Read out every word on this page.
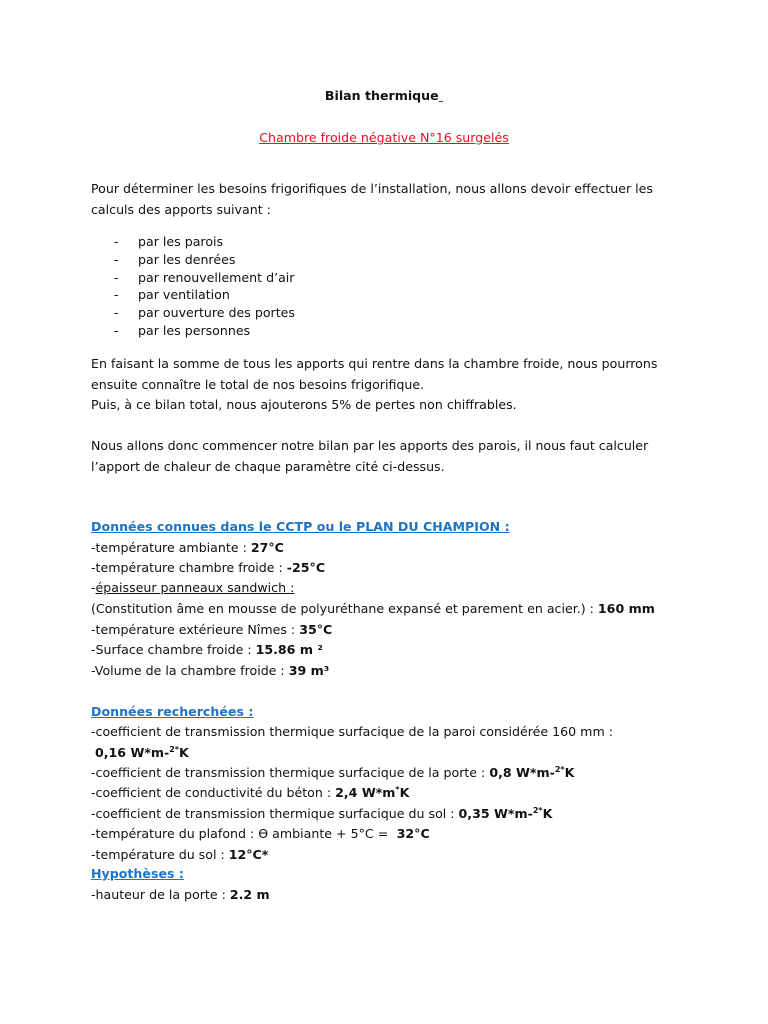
Bilan thermique
Chambre froide négative N°16 surgelés
Pour déterminer les besoins frigorifiques de l’installation, nous allons devoir effectuer les
calculs des apports suivant :
- par les parois
- par les denrées
- par renouvellement d’air
- par ventilation
- par ouverture des portes
- par les personnes
En faisant la somme de tous les apports qui rentre dans la chambre froide, nous pourrons
ensuite connaître le total de nos besoins frigorifique.
Puis, à ce bilan total, nous ajouterons 5% de pertes non chiffrables.
Nous allons donc commencer notre bilan par les apports des parois, il nous faut calculer
l’apport de chaleur de chaque paramètre cité ci-dessus.
Données connues dans le CCTP ou le PLAN DU CHAMPION :
-température ambiante : 27°C
-température chambre froide : -25°C
-épaisseur panneaux sandwich :
(Constitution âme en mousse de polyuréthane expansé et parement en acier.) : 160 mm
-température extérieure Nîmes : 35°C
-Surface chambre froide : 15.86 m ²
-Volume de la chambre froide : 39 m³
Données recherchées :
-coefficient de transmission thermique surfacique de la paroi considérée 160 mm :
0,16 W*m-$^{2*}$K
-coefficient de transmission thermique surfacique de la porte : 0,8 W*m-$^{2*}$K
-coefficient de conductivité du béton : 2,4 W*m*K
-coefficient de transmission thermique surfacique du sol : 0,35 W*m-$^{2*}$K
-température du plafond : ϴ ambiante + 5°C =  32°C
-température du sol : 12°C*
Hypothèses :
-hauteur de la porte : 2.2 m
